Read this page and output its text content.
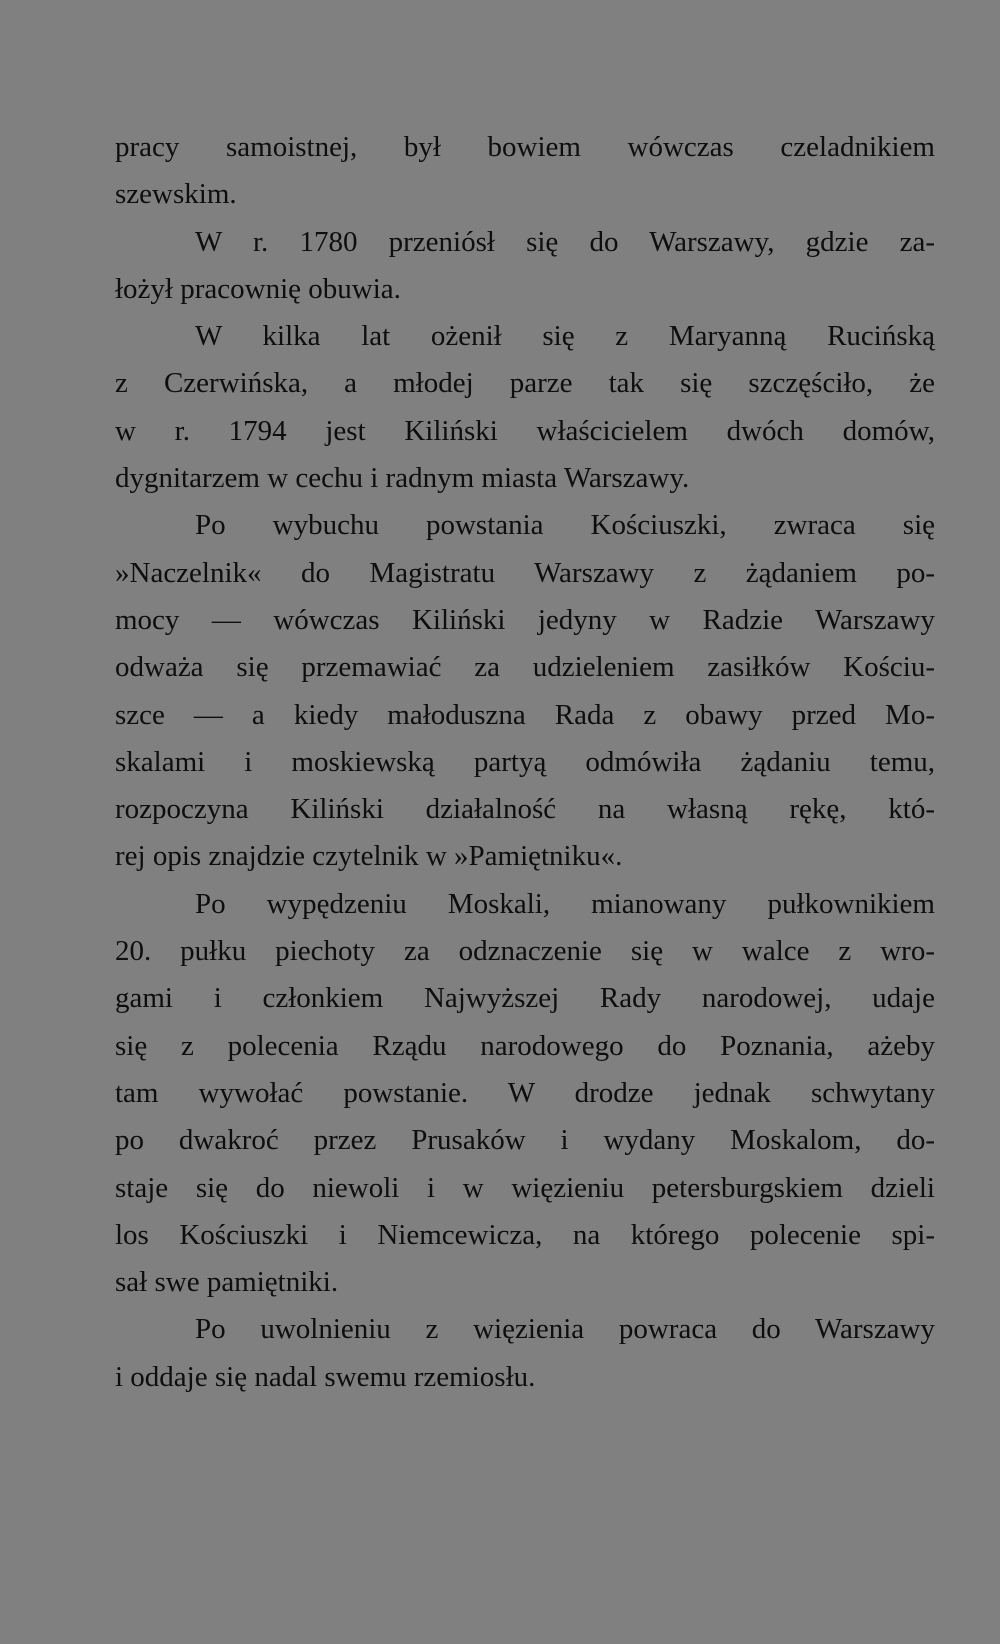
pracy samoistnej, był bowiem wówczas czeladnikiem
szewskim.
W r. 1780 przeniósł się do Warszawy, gdzie za-
łożył pracownię obuwia.
W kilka lat ożenił się z Maryanną Rucińską
z Czerwińska, a młodej parze tak się szczęściło, że
w r. 1794 jest Kiliński właścicielem dwóch domów,
dygnitarzem w cechu i radnym miasta Warszawy.
Po wybuchu powstania Kościuszki, zwraca się
»Naczelnik« do Magistratu Warszawy z żądaniem po-
mocy — wówczas Kiliński jedyny w Radzie Warszawy
odważa się przemawiać za udzieleniem zasiłków Kościu-
szce — a kiedy małoduszna Rada z obawy przed Mo-
skalami i moskiewską partyą odmówiła żądaniu temu,
rozpoczyna Kiliński działalność na własną rękę, któ-
rej opis znajdzie czytelnik w »Pamiętniku«.
Po wypędzeniu Moskali, mianowany pułkownikiem
20. pułku piechoty za odznaczenie się w walce z wro-
gami i członkiem Najwyższej Rady narodowej, udaje
się z polecenia Rządu narodowego do Poznania, ażeby
tam wywołać powstanie. W drodze jednak schwytany
po dwakroć przez Prusaków i wydany Moskalom, do-
staje się do niewoli i w więzieniu petersburgskiem dzieli
los Kościuszki i Niemcewicza, na którego polecenie spi-
sał swe pamiętniki.
Po uwolnieniu z więzienia powraca do Warszawy
i oddaje się nadal swemu rzemiosłu.
